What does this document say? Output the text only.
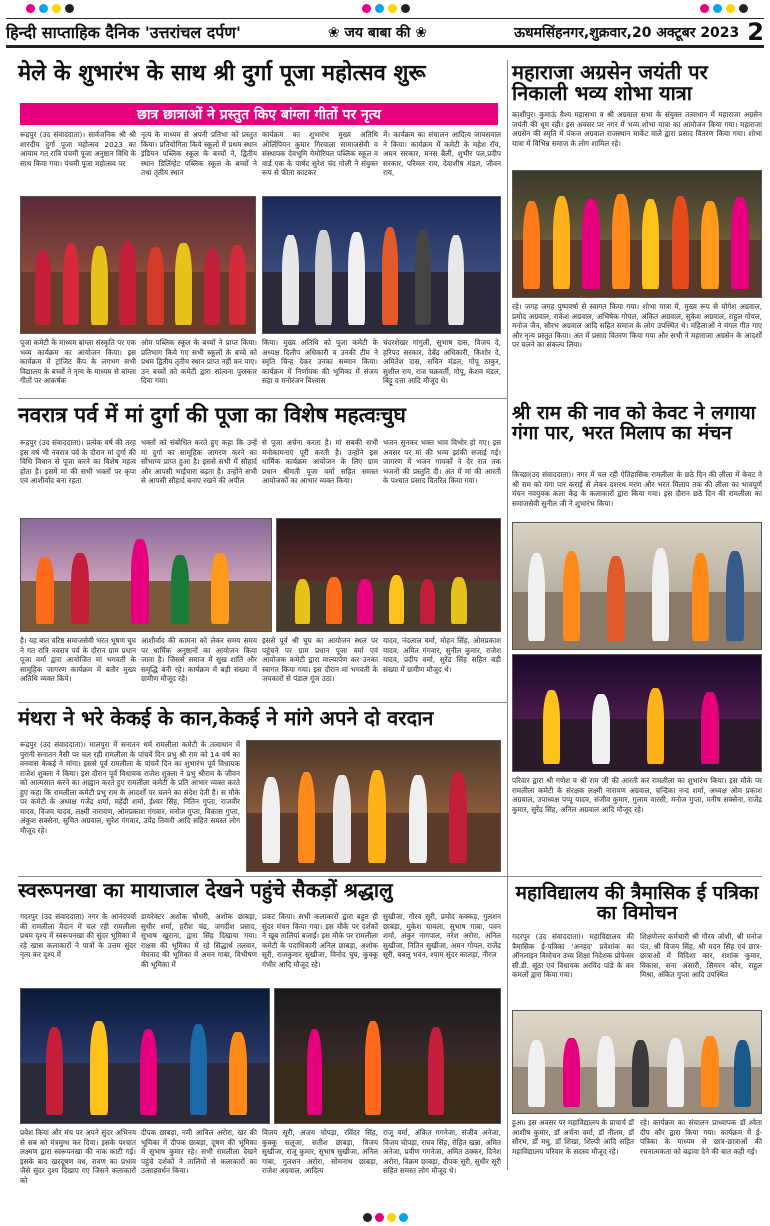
हिन्दी साप्ताहिक दैनिक 'उत्तरांचल दर्पण'	❀ जय बाबा की ❀	ऊधमसिंहनगर,शुक्रवार,20 अक्टूबर 2023 2
मेले के शुभारंभ के साथ श्री दुर्गा पूजा महोत्सव शुरू
छात्र छात्राओं ने प्रस्तुत किए बांग्ला गीतों पर नृत्य
रूद्रपुर (उद संवाददाता)। सार्वजनिक श्री श्री शारदीय दुर्गा पूजा महोत्सव 2023 का आयाम गत रात्रि पंचमी पूजा अनुष्ठान विधि के साथ किया गया। पंचमी पूजा महोत्सव पर
नृत्य के माध्यम से अपनी प्रतिभा को प्रस्तुत किया। प्रतियोगिता किये स्कूलों में प्रथम स्थान इंडियन पब्लिक स्कूल के बच्चों ने, द्वितीय स्थान डिलिंग्हेट पब्लिक स्कूल के बच्चों ने तथा तृतीय स्थान
कार्यक्रम का शुभारंभ मुख्य अतिथि ओलिंपियन कुमार गिरवाला सामाजसेवी व संस्थापक देवभूमि मेमोरियल पब्लिक स्कूल व वार्ड एक के पार्षद सुरेश चंद गोली ने संयुक्त रूप से फीता काटकर
में। कार्यक्रम का संचालन आदित्य जायसवाल ने किया। कार्यक्रम में कमेटी के महेश रॉय, अमन सरकार, मनस बैली, शुभीर पल,प्रदीप सरकार, परिमल राय, देवाशीष मंडल, जीवन राय,
पूजा कमेटी के माध्यम बांग्ला संस्कृति पर एक भव्य कार्यक्रम का आयोजन किया। इस कार्यक्रम में ट्रांजिट कैंप के लगभग सभी विद्यालय के बच्चों ने नृत्य के माध्यम से बांग्ला गीतों पर आकर्षक
ओम पब्लिक स्कूल के बच्चों ने प्राप्त किया। प्रतिभाग किये गए सभी स्कूलों के बच्चे को प्रथम द्वितीय तृतीय स्थान प्राप्त नहीं कर पाए। उन बच्चों को कमेटी द्वारा सांत्वना पुरस्कार दिया गया।
किया। मुख्य अतिथि को पूजा कमेटी के अध्यक्ष दिलीप अधिकारी व उनकी टीम ने स्मृति चिन्ह देकर उनका सम्मान किया। कार्यक्रम में निर्णायक की भूमिका में संजय सहा व मनोरंजन विश्वास
चंदरशेखर गांगुली, सुभाष दास, विजय दे, हरिपद सरकार, देबेंद्र अधिकारी, किशोर दे, अमितेश दास, सचिन मंडल, गोपू ठाकुर, सुशील राय, राज चक्रवर्ती, गोपू, केशव मंडल, बिट्टू दत्ता आदि मौजूद थे।
महाराजा अग्रसेन जयंती पर निकाली भव्य शोभा यात्रा
काशीपुर। कुमाऊं वैश्य महासभा व श्री अग्रवाल सभा के संयुक्त तत्वाधान में महाराजा अग्रसेन जयंती की धूम रही। इस अवसर पर नगर में भव्य शोभा यात्रा का आयोजन किया गया। महाराजा अग्रसेन की स्मृति में पंकज अग्रवाल राजस्थान मार्केट वाले द्वारा प्रसाद वितरण किया गया। शोभा यात्रा में विभिन्न समाज के लोग शामिल रहे।
रहे। जगह जगह पुष्पवर्षा से स्वागत किया गया। शोभा यात्रा में, मुख्य रूप से योगेश अग्रवाल, प्रमोद अग्रवाल, राकेश अग्रवाल, अभिषेक गोयल, अंकित अग्रवाल, सुकेश अग्रवाल, राहुल गोयल, मनोज जैन, सौरभ अग्रवाल आदि सहित समाज के लोग उपस्थित थे। महिलाओं ने मंगल गीत गाए और नृत्य प्रस्तुत किया। अंत में प्रसाद वितरण किया गया और सभी ने महाराजा अग्रसेन के आदर्शों पर चलने का संकल्प लिया।
नवरात्र पर्व में मां दुर्गा की पूजा का विशेष महत्वःचुघ
रूद्रपुर (उद संवाददाता)। प्रत्येक वर्ष की तरह इस वर्ष भी नवरात्र पर्व के दौरान मां दुर्गा की विधि विधान से पूजा करने का विशेष महत्व होता है। इसमें मां की सभी भक्तों पर कृपा एवं आशीर्वाद बना रहता
भक्तों को संबोधित करते हुए कहा कि उन्हें मां दुर्गा का सामूहिक जागरण करने का सौभाग्य प्राप्त हुआ है। इससे सभी में सौहार्द और आपसी भाईचारा बढ़ता है। उन्होंने सभी से आपसी सौहार्द बनाए रखने की अपील
से पूजा अर्चना करता है। मां सबकी सभी मनोकामनाएं पूरी करती है। उन्होंने इस धार्मिक कार्यक्रम आयोजन के लिए ग्राम प्रधान श्रीमती पूजा वर्मा सहित समस्त आयोजकों का आभार व्यक्त किया।
भजन सुनकर भक्त भाव विभोर हो गए। इस अवसर पर मां की भव्य झांकी सजाई गई। जागरण में भजन गायकों ने देर रात तक भजनों की प्रस्तुति दी। अंत में मां की आरती के पश्चात प्रसाद वितरित किया गया।
है। यह बात वरिष्ठ समाजसेवी भरत भूषण चुघ ने गत रात्रि नवरात्र पर्व के दौरान ग्राम प्रधान पूजा वर्मा द्वारा आयोजित मां भगवती के सामूहिक जागरण कार्यक्रम में बतौर मुख्य अतिथि व्यक्त किये।
आशीर्वाद की कामना को लेकर समय समय पर धार्मिक अनुष्ठानों का आयोजन किया जाता है। जिससे समाज में सुख शांति और समृद्धि बनी रहे। कार्यक्रम में बड़ी संख्या में ग्रामीण मौजूद रहे।
इससे पूर्व श्री चुघ का आयोजन स्थल पर पहुंचने पर ग्राम प्रधान पूजा वर्मा एवं आयोजक कमेटी द्वारा माल्यार्पण कर उनका स्वागत किया गया। इस दौरान मां भगवती के जयकारों से पंडाल गूंज उठा।
यादव, नंदलाल वर्मा, मोहन सिंह, ओमप्रकाश यादव, अमित गंगवार, सुनील कुमार, राजेश यादव, प्रदीप वर्मा, सुरेंद्र सिंह सहित बड़ी संख्या में ग्रामीण मौजूद थे।
श्री राम की नाव को केवट ने लगाया गंगा पार, भरत मिलाप का मंचन
किच्छा(उद संवाददाता)। नगर में चल रही ऐतिहासिक रामलीला के छठे दिन की लीला में केवट ने श्री राम को गंगा पार कराई से लेकर दशरथ मरण और भरत मिलाप तक की लीला का भावपूर्ण मंचन नवयुवक कला केंद्र के कलाकारों द्वारा किया गया। इस दौरान छठे दिन की रामलीला का समाजसेवी सुनील जी ने शुभारंभ किया।
परिवार द्वारा श्री गणेश व श्री राम जी की आरती कर रामलीला का शुभारंभ किया। इस मौके पर रामलीला कमेटी के संरक्षक लक्ष्मी नारायण अग्रवाल, चन्द्रिका नन्द शर्मा, अध्यक्ष ओम प्रकाश अग्रवाल, उपाध्यक्ष पप्पू यादव, संजीव कुमार, गुलाम वारसी, मनोज गुप्ता, मनीष सक्सेना, राजेंद्र कुमार, सुरेंद्र सिंह, अनिल अग्रवाल आदि मौजूद रहे।
मंथरा ने भरे केकई के कान,केकई ने मांगे अपने दो वरदान
रूद्रपुर (उद संवाददाता)। मालपुरा में सनातन धर्म रामलीला कमेटी के तत्वाधान में पुरानी सनातन नैसी पर चल रही रामलीला के पांचवें दिन प्रभु श्री राम को 14 वर्ष का वनवास केकई ने मांगा। इससे पूर्व रामलीला के पांचवें दिन का शुभारंभ पूर्व विधायक राजेश शुक्ला ने किया। इस दौरान पूर्व विधायक राजेश शुक्ला ने प्रभु श्रीराम के जीवन को आत्मसात करने का आह्वान करते हुए रामलीला कमेटी के प्रति आभार व्यक्त करते हुए कहा कि रामलीला कमेटी प्रभु राम के आदर्शों पर चलने का संदेश देती है। स मौके पर कमेटी के अध्यक्ष गजेंद्र शर्मा, महेंद्री शर्मा, ईश्वर सिंह, नितिन गुप्ता, राजवीर यादव, विजय यादव, लक्ष्मी नारायण, ओमप्रकाश गंगवार, मनोज गुप्ता, विकास गुप्ता, अंकुश सक्सेना, सुमित अग्रवाल, सुरेश गंगवार, उपेंद्र तिवारी आदि सहित समस्त लोग मौजूद रहे।
स्वरूपनखा का मायाजाल देखने पहुंचे सैकड़ों श्रद्धालु
गदरपुर (उद संवाददाता) नगर के आनंदपर्वा की रामलीला मैदान में चल रही रामलीला प्रथम दृश्य में स्वरूपनखा की सुंदर भूमिका में रहे खास कलाकारों ने पात्रों के उत्तम सुंदर नृत्य कर दृश्य में
डायरेक्टर अशोक चौधरी, अशोक छाबड़ा, सुधीर शर्मा, हरीश चंद्र, जगदीश प्रसाद, सुभाष खुराना, द्वारा सिंह दिखाया गया। राक्षस की भूमिका में रहे सिद्धार्थ तलवार, मेघनाद की भूमिका में अमन गाबा, विभीषण की भूमिका में
प्रकट किया। सभी कलाकारों द्वारा बहुत ही सुंदर मंचन किया गया। इस मौके पर दर्शकों ने खूब तालियां बजाईं। इस मौके पर रामलीला कमेटी के पदाधिकारी अनिल छाबड़ा, अशोक सूरी, राजकुमार सुखीजा, विनोद चुघ, कुक्कू गंभीर आदि मौजूद रहे।
सुखीजा, गौरव सूरी, प्रमोद कक्कड़, गुलशन छाबड़ा, मुकेश चावला, सुभाष गाबा, पवन शर्मा, अंकुर नागपाल, नरेश अरोरा, अनिल सुखीजा, नितिन सुखीजा, अमन गोयल, राजेंद्र सूरी, बबलू भवन, श्याम सुंदर कालड़ा, नीरज
प्रवेश किया और मंच पर अपने सुंदर अभिनय से सब को मंत्रमुग्ध कर दिया। इसके पश्चात लक्ष्मण द्वारा स्वरूपनखा की नाक काटी गई। इसके बाद खरदूषण वध, रावण का प्रभाव जैसे सुंदर दृश्य दिखाए गए जिसने कलाकारों को
दीपक छाबड़ा, नमी आविल अरोरा, खर की भूमिका में दीपक छाबड़ा, दूषण की भूमिका में सुभाष कुमार रहे। सभी रामलीला देखने पहुंचे दर्शकों ने तालियों से कलाकारों का उत्साहवर्धन किया।
विजय सूरी, अजय चोपड़ा, रविंदर सिंह, कुक्कू सलूजा, सतीश छाबड़ा, विजय सुखीजा, राजू कुमार, सुभाष सुखीजा, अनिल गाबा, गुलशन अरोरा, सोमनाथ छाबड़ा, राजेश अग्रवाल, आदित्य
राजू वर्मा, अंकित गगनेजा, संजीव अनेजा, विजय चोपड़ा, राघव सिंह, रोहित खन्ना, अमित अनेजा, प्रवीण गगनेजा, अमित ठक्कर, दिनेश अरोरा, विक्रम छाबड़ा, दीपक सूरी, सुधीर सूरी सहित समस्त लोग मौजूद थे।
महाविद्यालय की त्रैमासिक ई पत्रिका का विमोचन
गदरपुर (उद संवाददाता)। महाविद्यालय की त्रैमासिक ई-पत्रिका 'अनहद' प्रवेशांक का ऑनलाइन विमोचन उच्च शिक्षा निदेशक प्रोफेसर सी.डी. सूंठा एवं विधायक अरविंद पांडे के कर कमलों द्वारा किया गया।
शिक्षणेत्तर कर्मचारी श्री गौरव जोशी, श्री मनोज पंत, श्री विजय सिंह, श्री मदन सिंह एवं छात्र-छात्राओं में विदिशा कार, शशांक कुमार, विकास, सना अंसारी, सिमरन कौर, राहुल मिश्रा, अंकित गुप्ता आदि उपस्थित
हुआ। इस अवसर पर महाविद्यालय के प्राचार्य डॉ आशीष कुमार, डॉ अर्चना वर्मा, डॉ नीलम, डॉ सौरभ, डॉ मधु, डॉ शिखा, शिल्पी आदि सहित महाविद्यालय परिवार के सदस्य मौजूद रहे।
रहे। कार्यक्रम का संचालन प्राध्यापक डॉ श्वेता दीप कौर द्वारा किया गया। कार्यक्रम में ई-पत्रिका के माध्यम से छात्र-छात्राओं की रचनात्मकता को बढ़ावा देने की बात कही गई।
